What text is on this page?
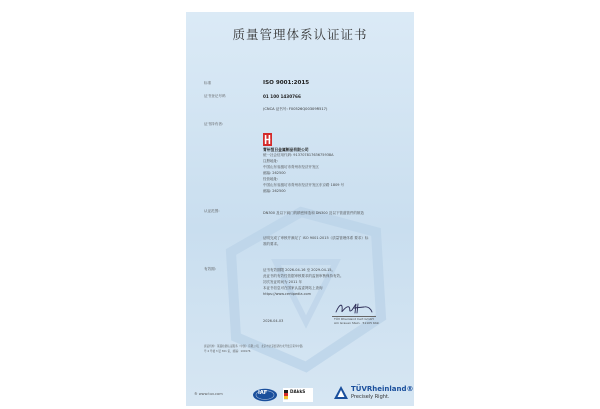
质量管理体系认证证书
标准	ISO 9001:2015
证书登记号码	01 100 1430766
(CNCA 证书号: F00526Q00309R517)
证书持有者:
青州恒日金属制品有限公司
统一社会信用代码: 91370781763675938A
注册地址:
中国山东省潍坊市青州市经济开发区
邮编: 262500
经营地址:
中国山东省潍坊市青州市经济开发区东京路 1809 号
邮编: 262500
认证范围:	DN300 及以下阀门的精密铸造和 DN300 及以下管道管件的制造
证明完成了审核并满足了 ISO 9001:2015《质量管理体系 要求》标
准的要求。
有效期:	证书有效期限 2026-04-16 至 2029-04-15。
此证书的有效性依据审核要求的监督审核保持有效。
初次发证时间为 2011 年
本证书信息可在国家认监委网站上查询
https://www.certipedia.com
TÜV Rheinland Cert GmbH
Am Grauen Stein · 51105 Köln
2026-04-03
颁证机构：莱茵检测认证服务（中国）有限公司，北京市北京经济技术开发区荣华中路
号 4 号楼 3 层 301 室，邮编：100176
® www.tuv.com	IAF	DAkkS	TÜVRheinland®
Precisely Right.
